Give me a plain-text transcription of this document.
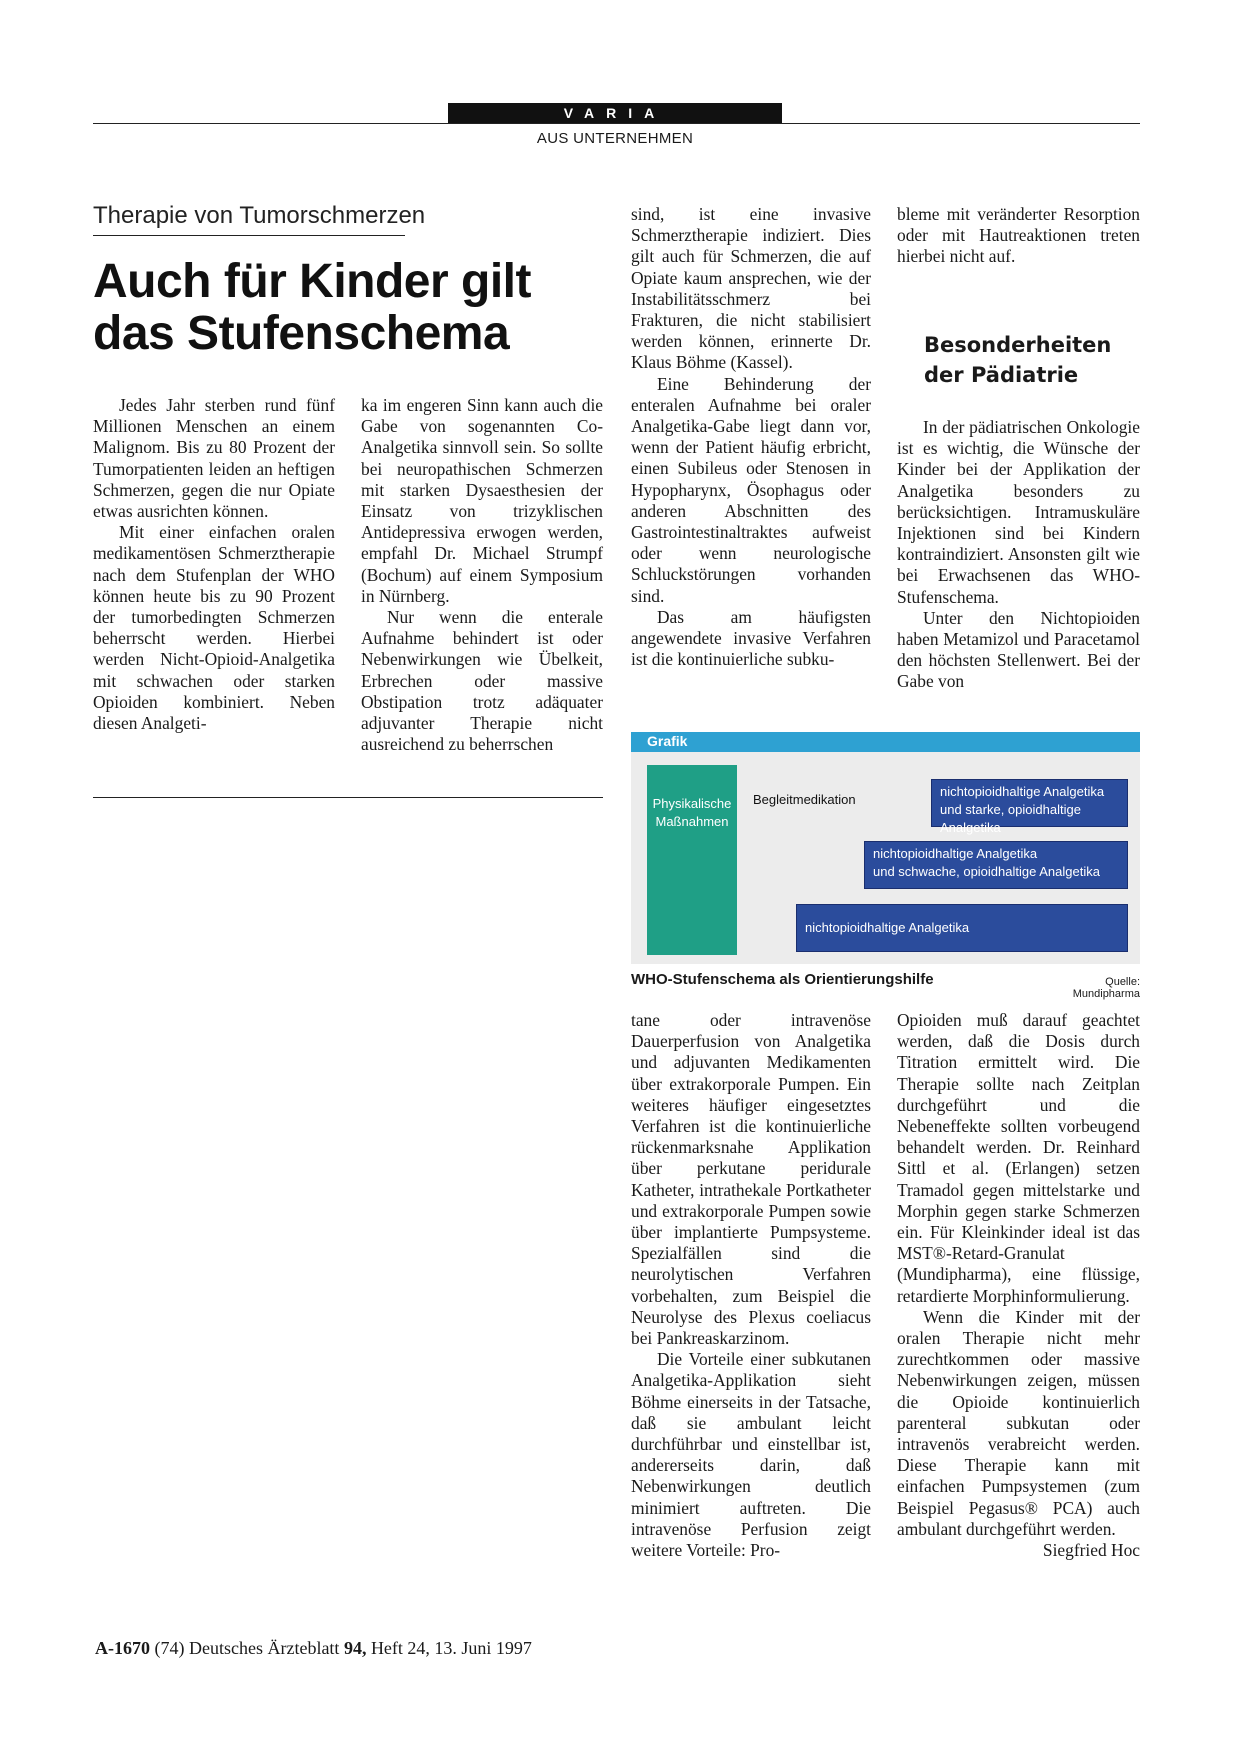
VARIA
AUS UNTERNEHMEN
Therapie von Tumorschmerzen
Auch für Kinder gilt
das Stufenschema

Jedes Jahr sterben rund fünf Millionen Menschen an einem Malignom. Bis zu 80 Prozent der Tumorpatienten leiden an heftigen Schmerzen, gegen die nur Opiate etwas ausrichten können.

Mit einer einfachen oralen medikamentösen Schmerztherapie nach dem Stufenplan der WHO können heute bis zu 90 Prozent der tumorbedingten Schmerzen beherrscht werden. Hierbei werden Nicht-Opioid-Analgetika mit schwachen oder starken Opioiden kombiniert. Neben diesen Analgeti-

ka im engeren Sinn kann auch die Gabe von sogenannten Co-Analgetika sinnvoll sein. So sollte bei neuropathischen Schmerzen mit starken Dysaesthesien der Einsatz von trizyklischen Antidepressiva erwogen werden, empfahl Dr. Michael Strumpf (Bochum) auf einem Symposium in Nürnberg.

Nur wenn die enterale Aufnahme behindert ist oder Nebenwirkungen wie Übelkeit, Erbrechen oder massive Obstipation trotz adäquater adjuvanter Therapie nicht ausreichend zu beherrschen

sind, ist eine invasive Schmerztherapie indiziert. Dies gilt auch für Schmerzen, die auf Opiate kaum ansprechen, wie der Instabilitätsschmerz bei Frakturen, die nicht stabilisiert werden können, erinnerte Dr. Klaus Böhme (Kassel).

Eine Behinderung der enteralen Aufnahme bei oraler Analgetika-Gabe liegt dann vor, wenn der Patient häufig erbricht, einen Subileus oder Stenosen in Hypopharynx, Ösophagus oder anderen Abschnitten des Gastrointestinaltraktes aufweist oder wenn neurologische Schluckstörungen vorhanden sind.

Das am häufigsten angewendete invasive Verfahren ist die kontinuierliche subku-

bleme mit veränderter Resorption oder mit Hautreaktionen treten hierbei nicht auf.

Besonderheiten
der Pädiatrie

In der pädiatrischen Onkologie ist es wichtig, die Wünsche der Kinder bei der Applikation der Analgetika besonders zu berücksichtigen. Intramuskuläre Injektionen sind bei Kindern kontraindiziert. Ansonsten gilt wie bei Erwachsenen das WHO-Stufenschema.

Unter den Nichtopioiden haben Metamizol und Paracetamol den höchsten Stellenwert. Bei der Gabe von

Grafik
Physikalische
Maßnahmen
Begleitmedikation
nichtopioidhaltige Analgetika
und starke, opioidhaltige Analgetika
nichtopioidhaltige Analgetika
und schwache, opioidhaltige Analgetika
nichtopioidhaltige Analgetika
WHO-Stufenschema als Orientierungshilfe	Quelle: Mundipharma

tane oder intravenöse Dauerperfusion von Analgetika und adjuvanten Medikamenten über extrakorporale Pumpen. Ein weiteres häufiger eingesetztes Verfahren ist die kontinuierliche rückenmarksnahe Applikation über perkutane peridurale Katheter, intrathekale Portkatheter und extrakorporale Pumpen sowie über implantierte Pumpsysteme. Spezialfällen sind die neurolytischen Verfahren vorbehalten, zum Beispiel die Neurolyse des Plexus coeliacus bei Pankreaskarzinom.

Die Vorteile einer subkutanen Analgetika-Applikation sieht Böhme einerseits in der Tatsache, daß sie ambulant leicht durchführbar und einstellbar ist, andererseits darin, daß Nebenwirkungen deutlich minimiert auftreten. Die intravenöse Perfusion zeigt weitere Vorteile: Pro-

Opioiden muß darauf geachtet werden, daß die Dosis durch Titration ermittelt wird. Die Therapie sollte nach Zeitplan durchgeführt und die Nebeneffekte sollten vorbeugend behandelt werden. Dr. Reinhard Sittl et al. (Erlangen) setzen Tramadol gegen mittelstarke und Morphin gegen starke Schmerzen ein. Für Kleinkinder ideal ist das MST®-Retard-Granulat (Mundipharma), eine flüssige, retardierte Morphinformulierung.

Wenn die Kinder mit der oralen Therapie nicht mehr zurechtkommen oder massive Nebenwirkungen zeigen, müssen die Opioide kontinuierlich parenteral subkutan oder intravenös verabreicht werden. Diese Therapie kann mit einfachen Pumpsystemen (zum Beispiel Pegasus® PCA) auch ambulant durchgeführt werden.
Siegfried Hoc

A-1670 (74) Deutsches Ärzteblatt 94, Heft 24, 13. Juni 1997
